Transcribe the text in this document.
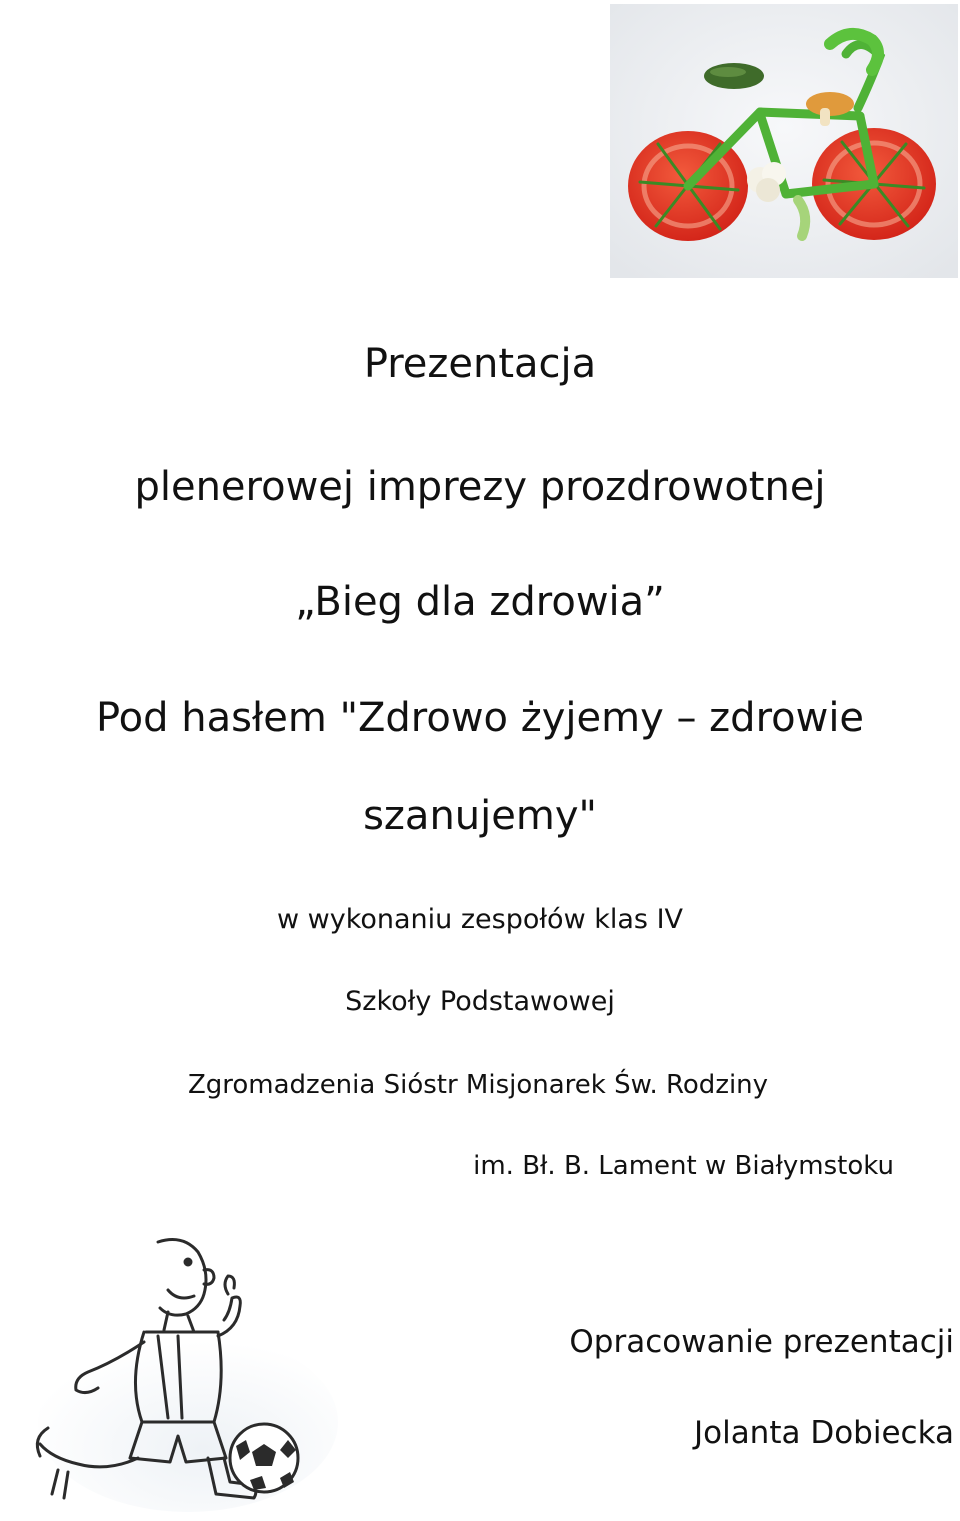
Prezentacja
plenerowej imprezy prozdrowotnej
„Bieg dla zdrowia”
Pod hasłem "Zdrowo żyjemy – zdrowie
szanujemy"
w wykonaniu zespołów klas IV
Szkoły Podstawowej
Zgromadzenia Sióstr Misjonarek Św. Rodziny
im. Bł. B. Lament w Białymstoku
Opracowanie prezentacji
Jolanta Dobiecka
